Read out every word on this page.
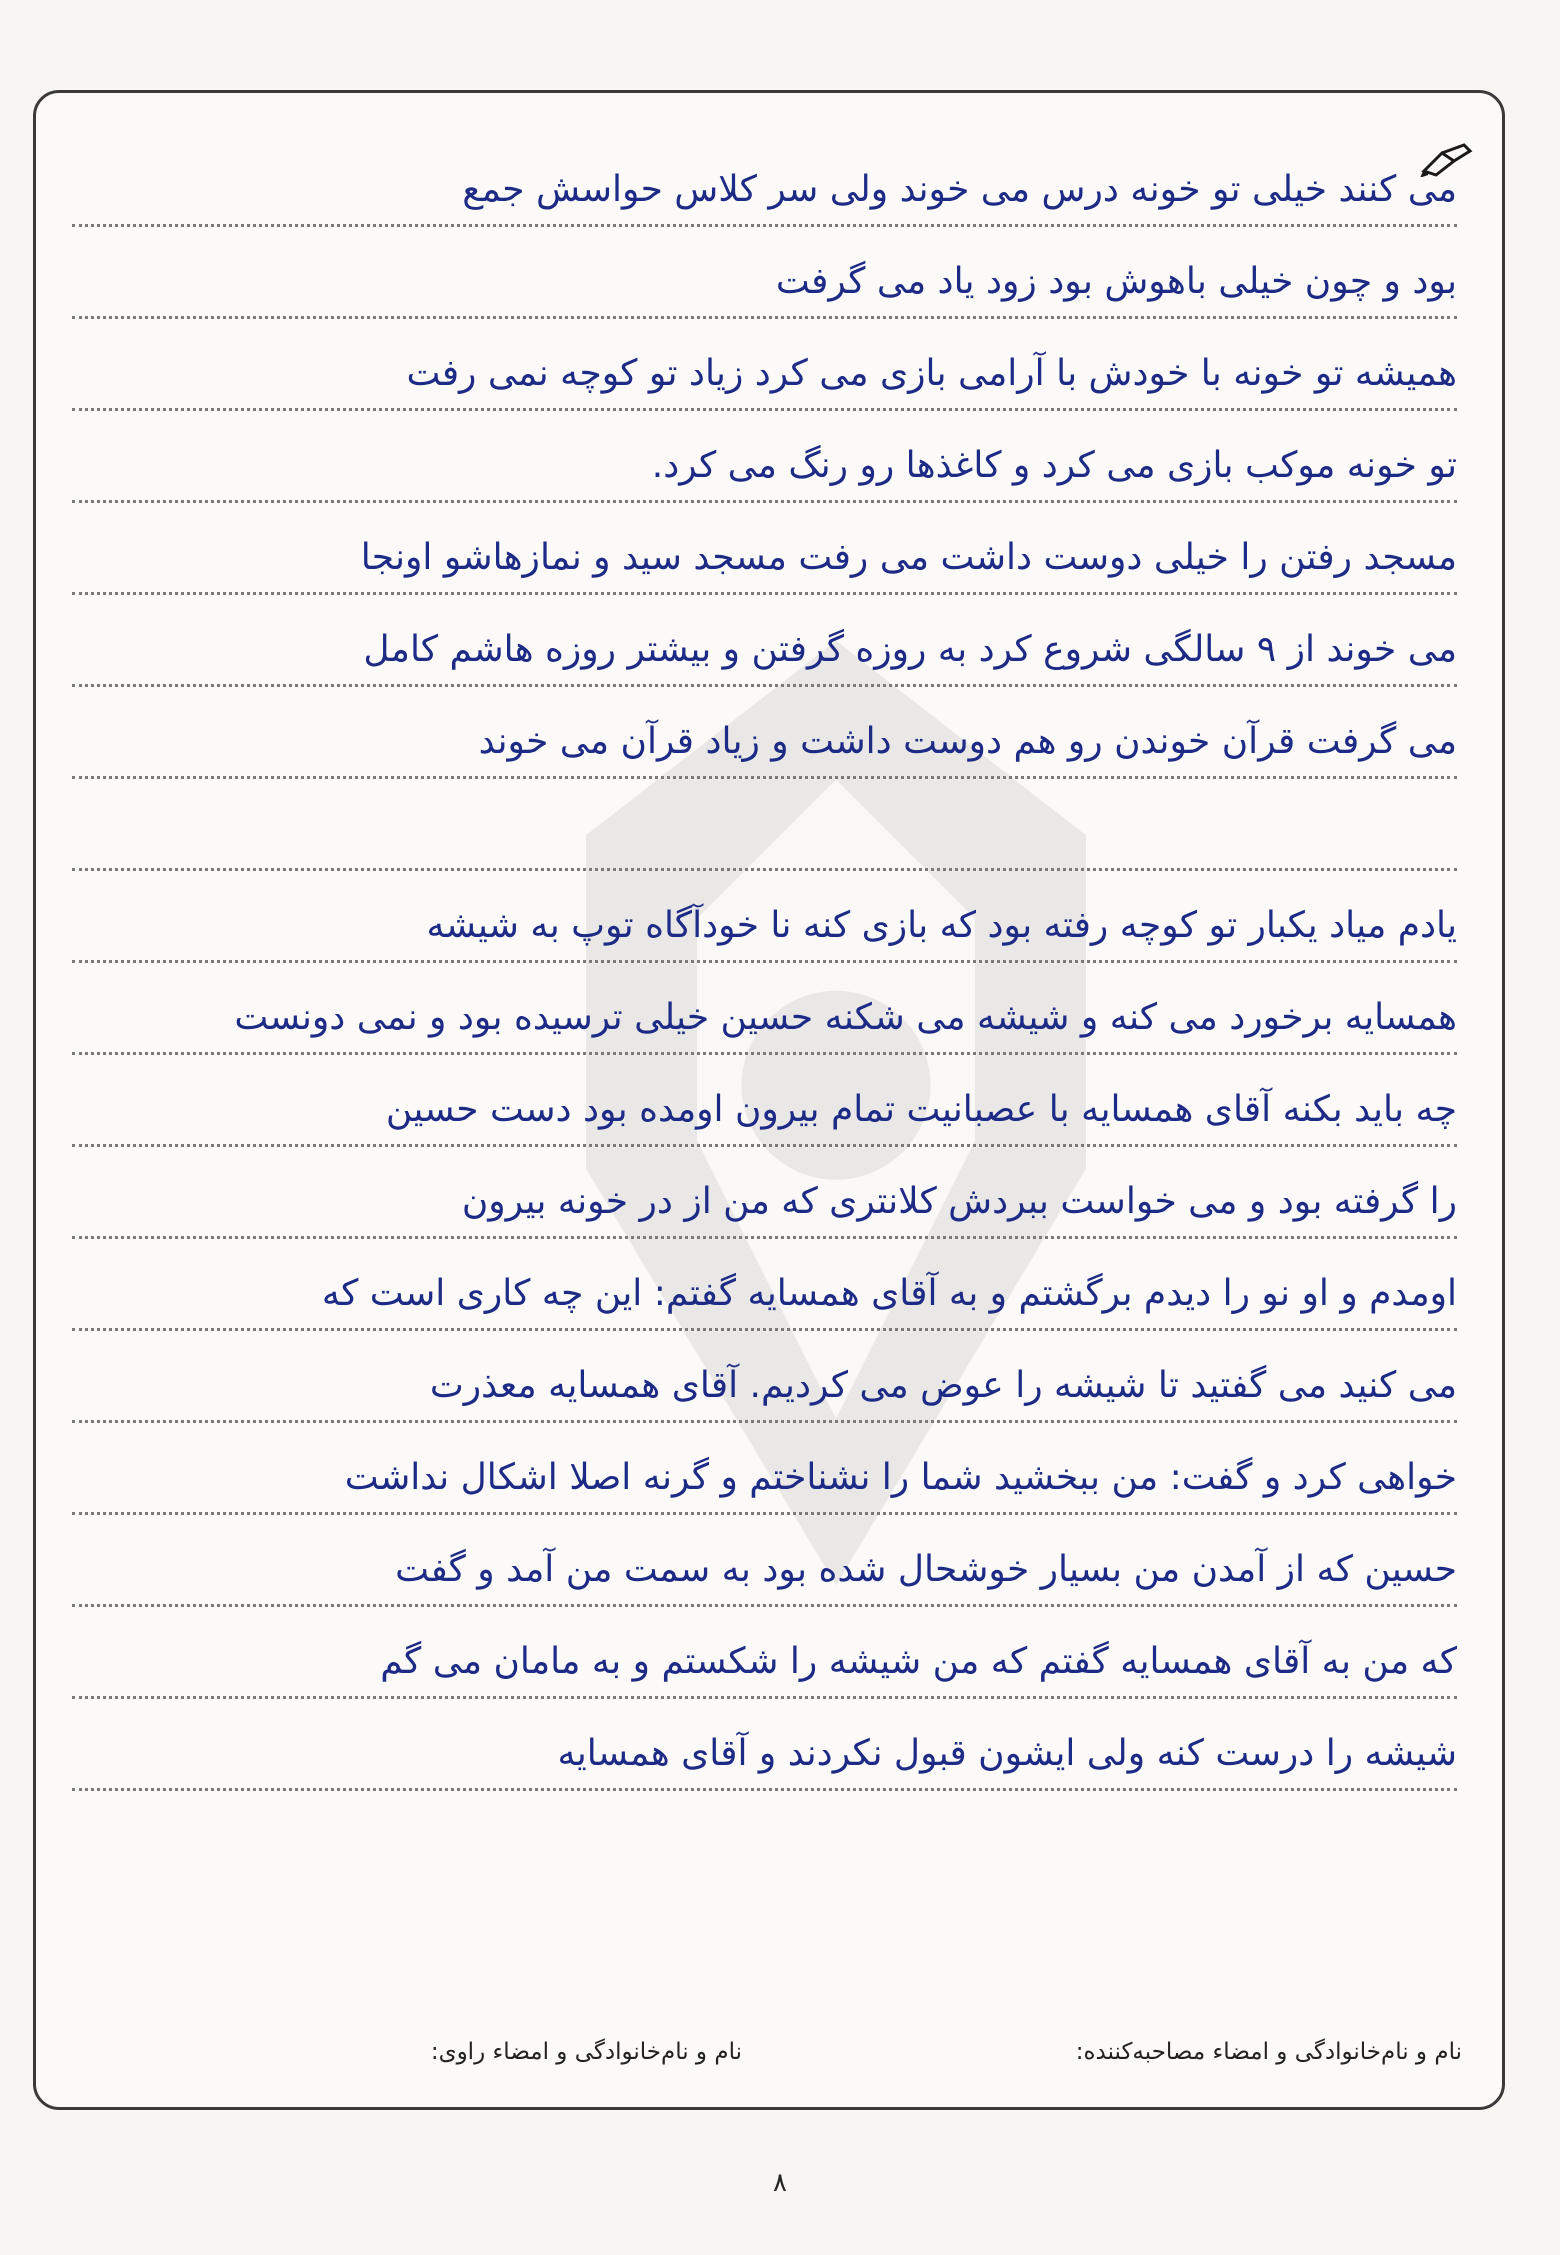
می کنند خیلی تو خونه درس می خوند ولی سر کلاس حواسش جمع
بود و چون خیلی باهوش بود زود یاد می گرفت
همیشه تو خونه با خودش با آرامی بازی می کرد زیاد تو کوچه نمی رفت
تو خونه موکب بازی می کرد و کاغذها رو رنگ می کرد.
مسجد رفتن را خیلی دوست داشت می رفت مسجد سید و نمازهاشو اونجا
می خوند از ۹ سالگی شروع کرد به روزه گرفتن و بیشتر روزه هاشم کامل
می گرفت قرآن خوندن رو هم دوست داشت و زیاد قرآن می خوند
یادم میاد یکبار تو کوچه رفته بود که بازی کنه نا خودآگاه توپ به شیشه
همسایه برخورد می کنه و شیشه می شکنه حسین خیلی ترسیده بود و نمی دونست
چه باید بکنه آقای همسایه با عصبانیت تمام بیرون اومده بود دست حسین
را گرفته بود و می خواست ببردش کلانتری که من از در خونه بیرون
اومدم و او نو را دیدم برگشتم و به آقای همسایه گفتم: این چه کاری است که
می کنید می گفتید تا شیشه را عوض می کردیم. آقای همسایه معذرت
خواهی کرد و گفت: من ببخشید شما را نشناختم و گرنه اصلا اشکال نداشت
حسین که از آمدن من بسیار خوشحال شده بود به سمت من آمد و گفت
که من به آقای همسایه گفتم که من شیشه را شکستم و به مامان می گم
شیشه را درست کنه ولی ایشون قبول نکردند و آقای همسایه
نام و نام‌خانوادگی و امضاء مصاحبه‌کننده:
نام و نام‌خانوادگی و امضاء راوی:
۸
